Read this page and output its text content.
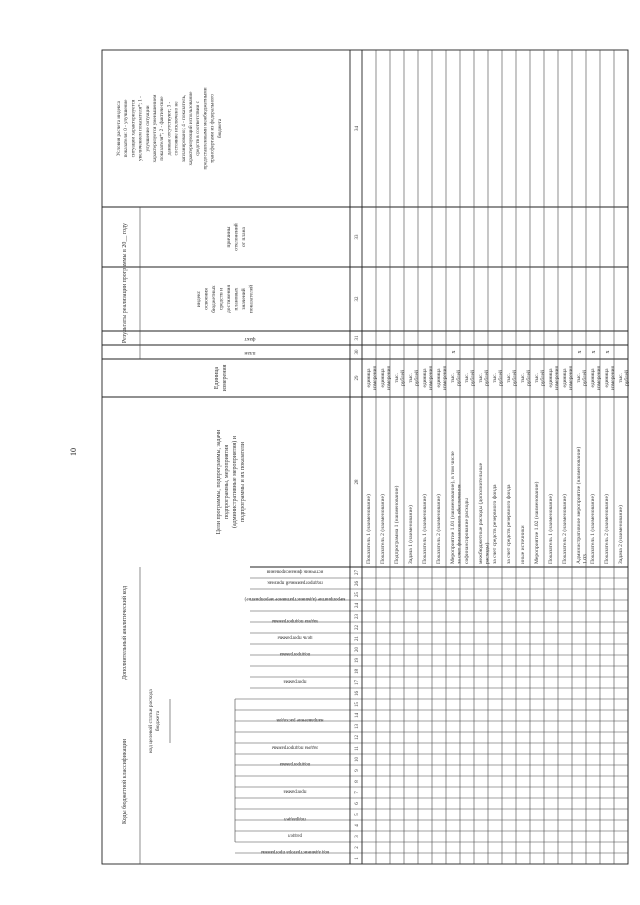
10
Коды бюджетной классификации
код целевой статьи расходабюджета
Дополнительный аналитический код
Цели программы, подпрограммы, задачи подпрограммы, мероприятия (административные мероприятия) и подпрограммы и их показатели
Единица измерения
Результаты реализации программы в 20__ году
план
факт
индекс освоения бюджетных средств и достижения плановых значений показателей
причины отклонений от плана
Условия расчета индексапоказателя: 0 - улучшениеситуации характеризуетсяувеличением показателя*; 1 -улучшение ситуациихарактеризуется уменьшениемпоказателя*; 2 - фактическиеданные отсутствуют; 3 -состояние исключено незапланировано; 4 - показатель,характеризующий использованиесредств в соответствии спредоставленными межбюджетнымитрансфертами из федеральногобюджета
код администратора программы
раздел
подраздел
программа
подпрограмма
задача подпрограммы
направление расходов
программа
подпрограмма
цель программы
задача подпрограммы
мероприятие (административное мероприятие)
подпрограммный признак
источник финансирования
1
2
3
4
5
6
7
8
9
10
11
12
13
14
15
16
17
18
19
20
21
22
23
24
25
26
27
28
29
30
31
32
33
34
Показатель 1 (наименование)
единицаизмерения
Показатель 2 (наименование)
единицаизмерения
Подпрограмма 1 (наименование)
тыс.рублей
Задача 1 (наименование)
тыс.рублей
Показатель 1 (наименование)
единицаизмерения
Показатель 2 (наименование)
единицаизмерения
Мероприятие 1.01 (наименование), в том числеза счет финансового обеспечения
тыс.рублей
х
софинансирование расходы
тыс.рублей
межбюджетные расходы (дополнительныерасходы)
тыс.рублей
за счет средств резервного фонда
тыс.рублей
за счет средств резервного фонда
тыс.рублей
иные источники
тыс.рублей
Мероприятие 1.02 (наименование)
тыс.рублей
Показатель 1 (наименование)
единицаизмерения
Показатель 2 (наименование)
единицаизмерения
Административное мероприятие (наименование)1.03
тыс.рублей
х
Показатель 1 (наименование)
единицаизмерения
х
Показатель 2 (наименование)
единицаизмерения
х
Задача 2 (наименование)
тыс.рублей
